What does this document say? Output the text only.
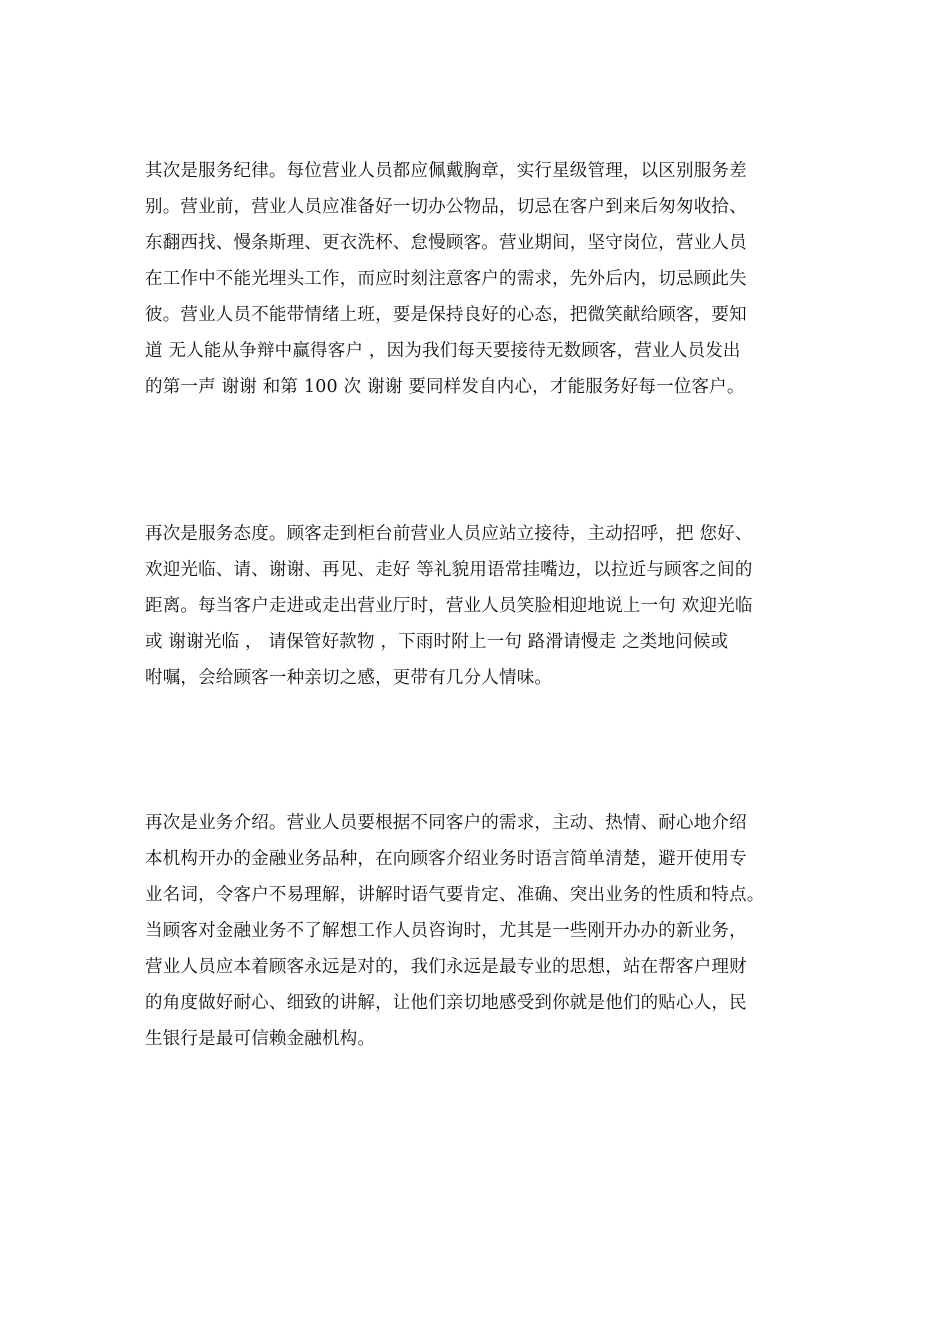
其次是服务纪律。每位营业人员都应佩戴胸章，实行星级管理，以区别服务差
别。营业前，营业人员应准备好一切办公物品，切忌在客户到来后匆匆收拾、
东翻西找、慢条斯理、更衣洗杯、怠慢顾客。营业期间，坚守岗位，营业人员
在工作中不能光埋头工作，而应时刻注意客户的需求，先外后内，切忌顾此失
彼。营业人员不能带情绪上班，要是保持良好的心态，把微笑献给顾客，要知
道 无人能从争辩中赢得客户 ，因为我们每天要接待无数顾客，营业人员发出
的第一声 谢谢 和第 100 次 谢谢 要同样发自内心，才能服务好每一位客户。
再次是服务态度。顾客走到柜台前营业人员应站立接待，主动招呼，把 您好、
欢迎光临、请、谢谢、再见、走好 等礼貌用语常挂嘴边，以拉近与顾客之间的
距离。每当客户走进或走出营业厅时，营业人员笑脸相迎地说上一句 欢迎光临
或 谢谢光临 ， 请保管好款物 ，下雨时附上一句 路滑请慢走 之类地问候或
咐嘱，会给顾客一种亲切之感，更带有几分人情味。
再次是业务介绍。营业人员要根据不同客户的需求，主动、热情、耐心地介绍
本机构开办的金融业务品种，在向顾客介绍业务时语言简单清楚，避开使用专
业名词，令客户不易理解，讲解时语气要肯定、准确、突出业务的性质和特点。
当顾客对金融业务不了解想工作人员咨询时，尤其是一些刚开办办的新业务，
营业人员应本着顾客永远是对的，我们永远是最专业的思想，站在帮客户理财
的角度做好耐心、细致的讲解，让他们亲切地感受到你就是他们的贴心人，民
生银行是最可信赖金融机构。
